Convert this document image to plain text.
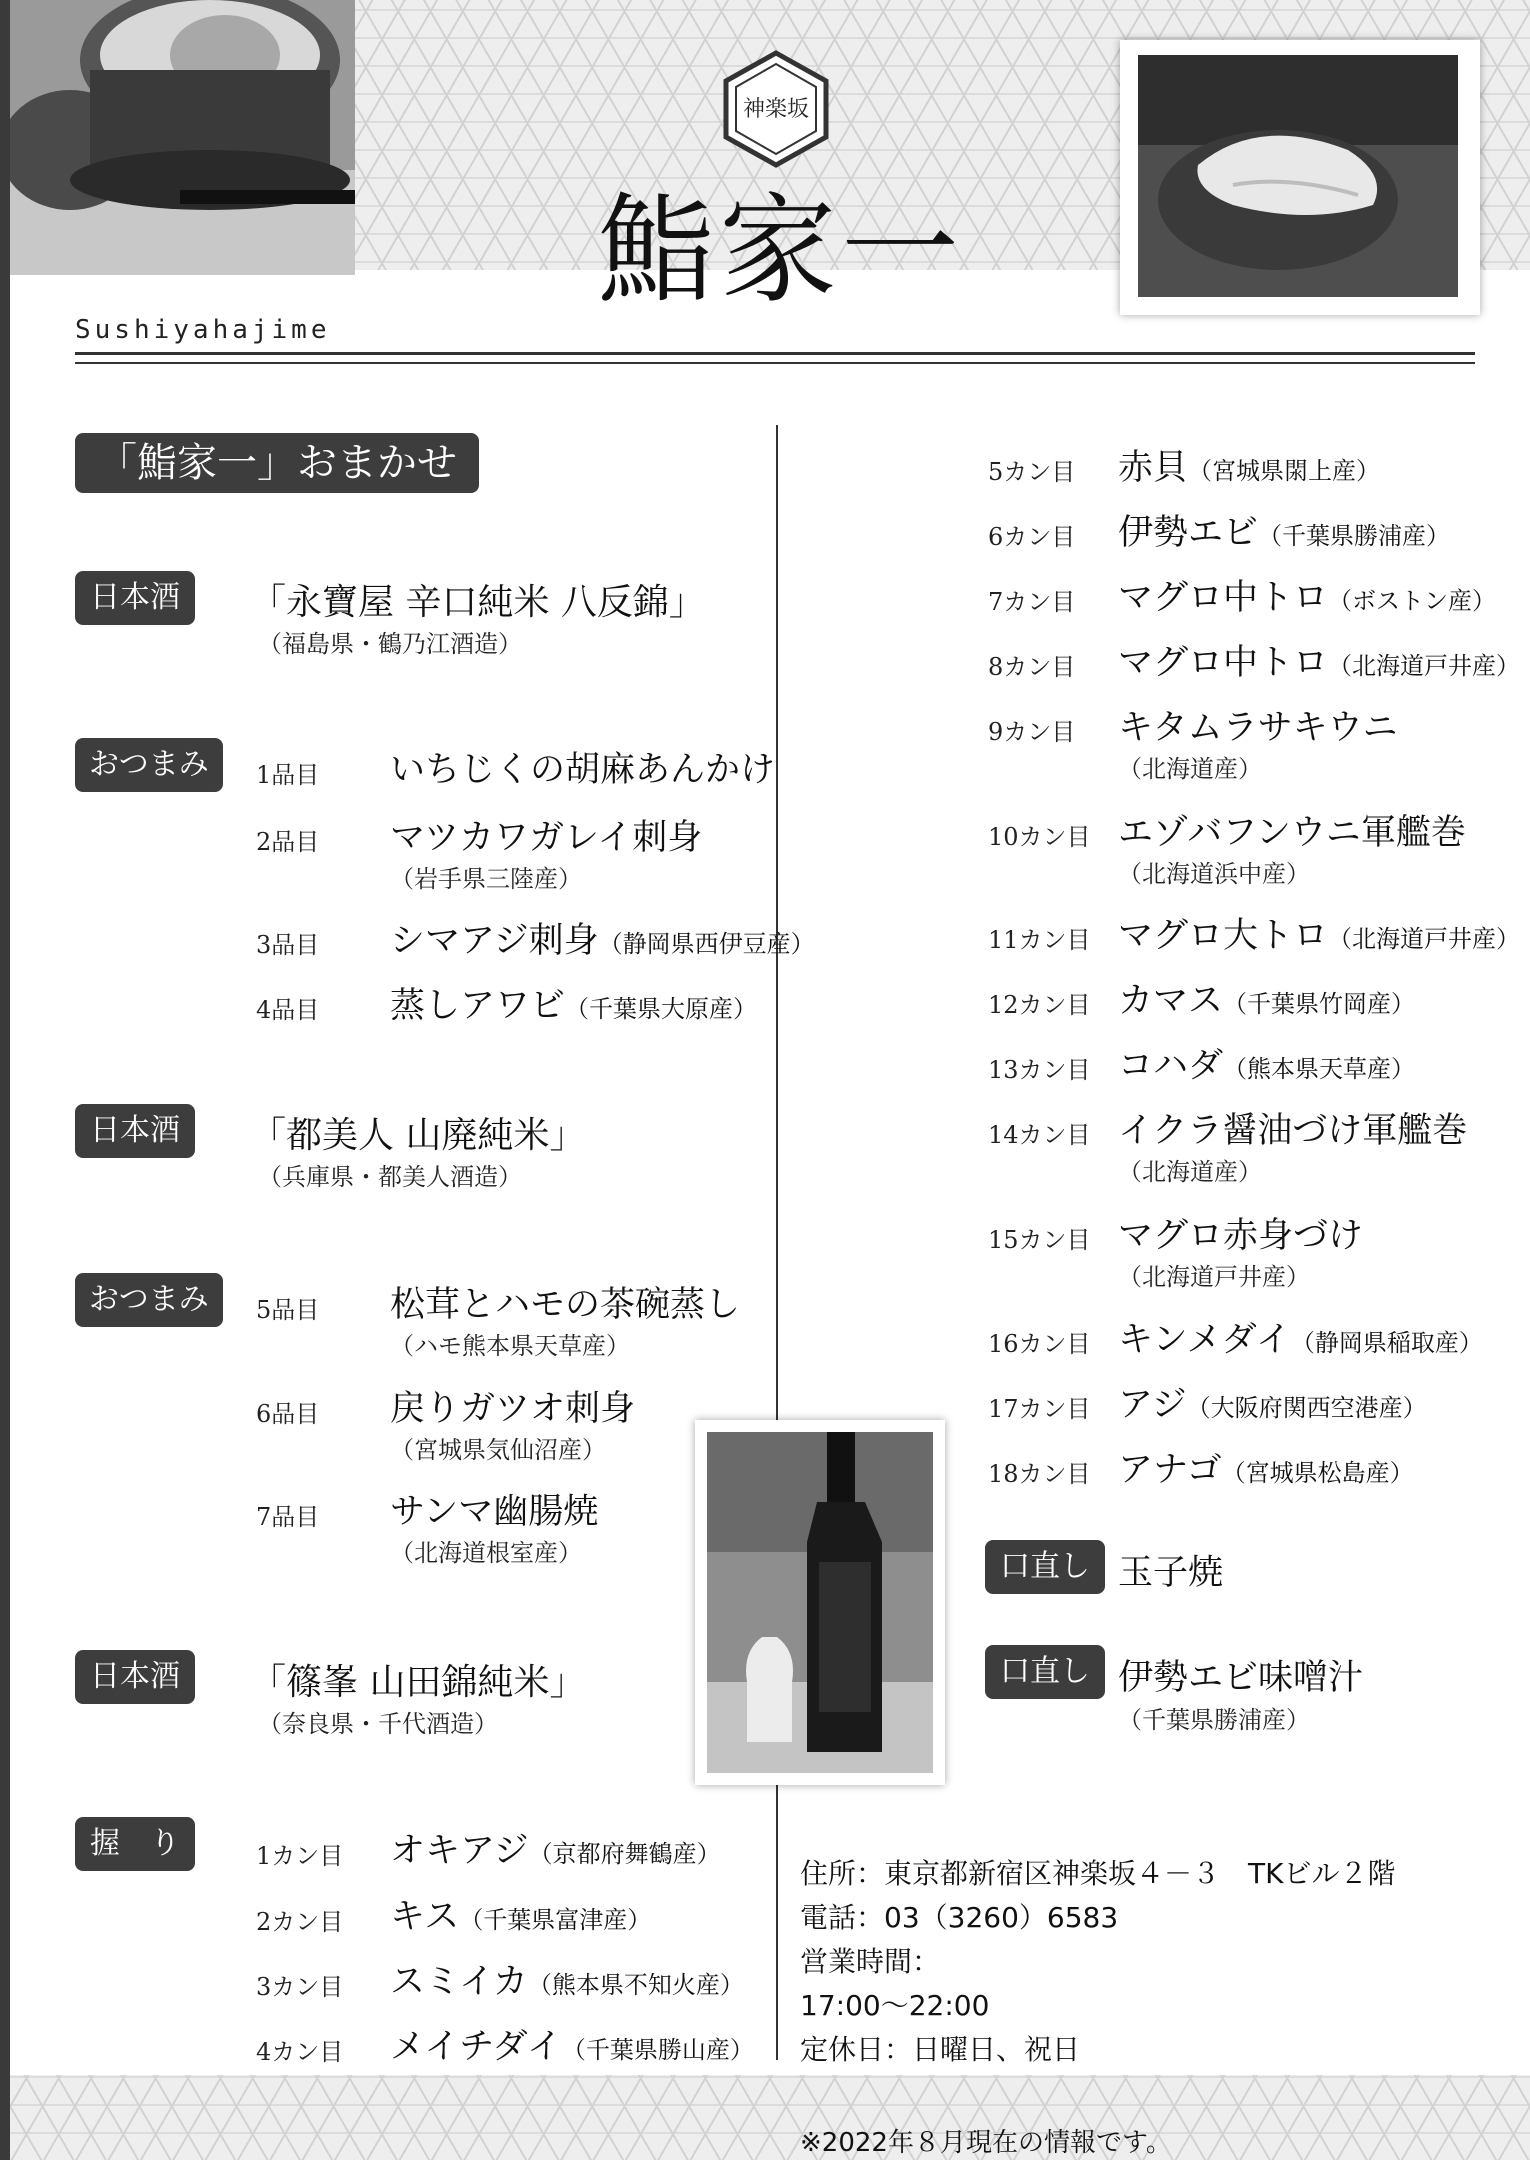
神楽坂
鮨家一
Sushiyahajime
「鮨家一」おまかせ
日本酒	「永寶屋 辛口純米 八反錦」
（福島県・鶴乃江酒造）
おつまみ	1品目 いちじくの胡麻あんかけ
2品目 マツカワガレイ刺身
（岩手県三陸産）
3品目 シマアジ刺身（静岡県西伊豆産）
4品目 蒸しアワビ（千葉県大原産）
日本酒	「都美人 山廃純米」
（兵庫県・都美人酒造）
おつまみ	5品目 松茸とハモの茶碗蒸し
（ハモ熊本県天草産）
6品目 戻りガツオ刺身
（宮城県気仙沼産）
7品目 サンマ幽腸焼
（北海道根室産）
日本酒	「篠峯 山田錦純米」
（奈良県・千代酒造）
握　り	1カン目 オキアジ（京都府舞鶴産）
2カン目 キス（千葉県富津産）
3カン目 スミイカ（熊本県不知火産）
4カン目 メイチダイ（千葉県勝山産）
5カン目 赤貝（宮城県閖上産）
6カン目 伊勢エビ（千葉県勝浦産）
7カン目 マグロ中トロ（ボストン産）
8カン目 マグロ中トロ（北海道戸井産）
9カン目 キタムラサキウニ
（北海道産）
10カン目 エゾバフンウニ軍艦巻
（北海道浜中産）
11カン目 マグロ大トロ（北海道戸井産）
12カン目 カマス（千葉県竹岡産）
13カン目 コハダ（熊本県天草産）
14カン目 イクラ醤油づけ軍艦巻
（北海道産）
15カン目 マグロ赤身づけ
（北海道戸井産）
16カン目 キンメダイ（静岡県稲取産）
17カン目 アジ（大阪府関西空港産）
18カン目 アナゴ（宮城県松島産）
口直し 玉子焼
口直し 伊勢エビ味噌汁
（千葉県勝浦産）
住所：東京都新宿区神楽坂４－３　TKビル２階
電話：03（3260）6583
営業時間：
17:00～22:00
定休日：日曜日、祝日
※2022年８月現在の情報です。
